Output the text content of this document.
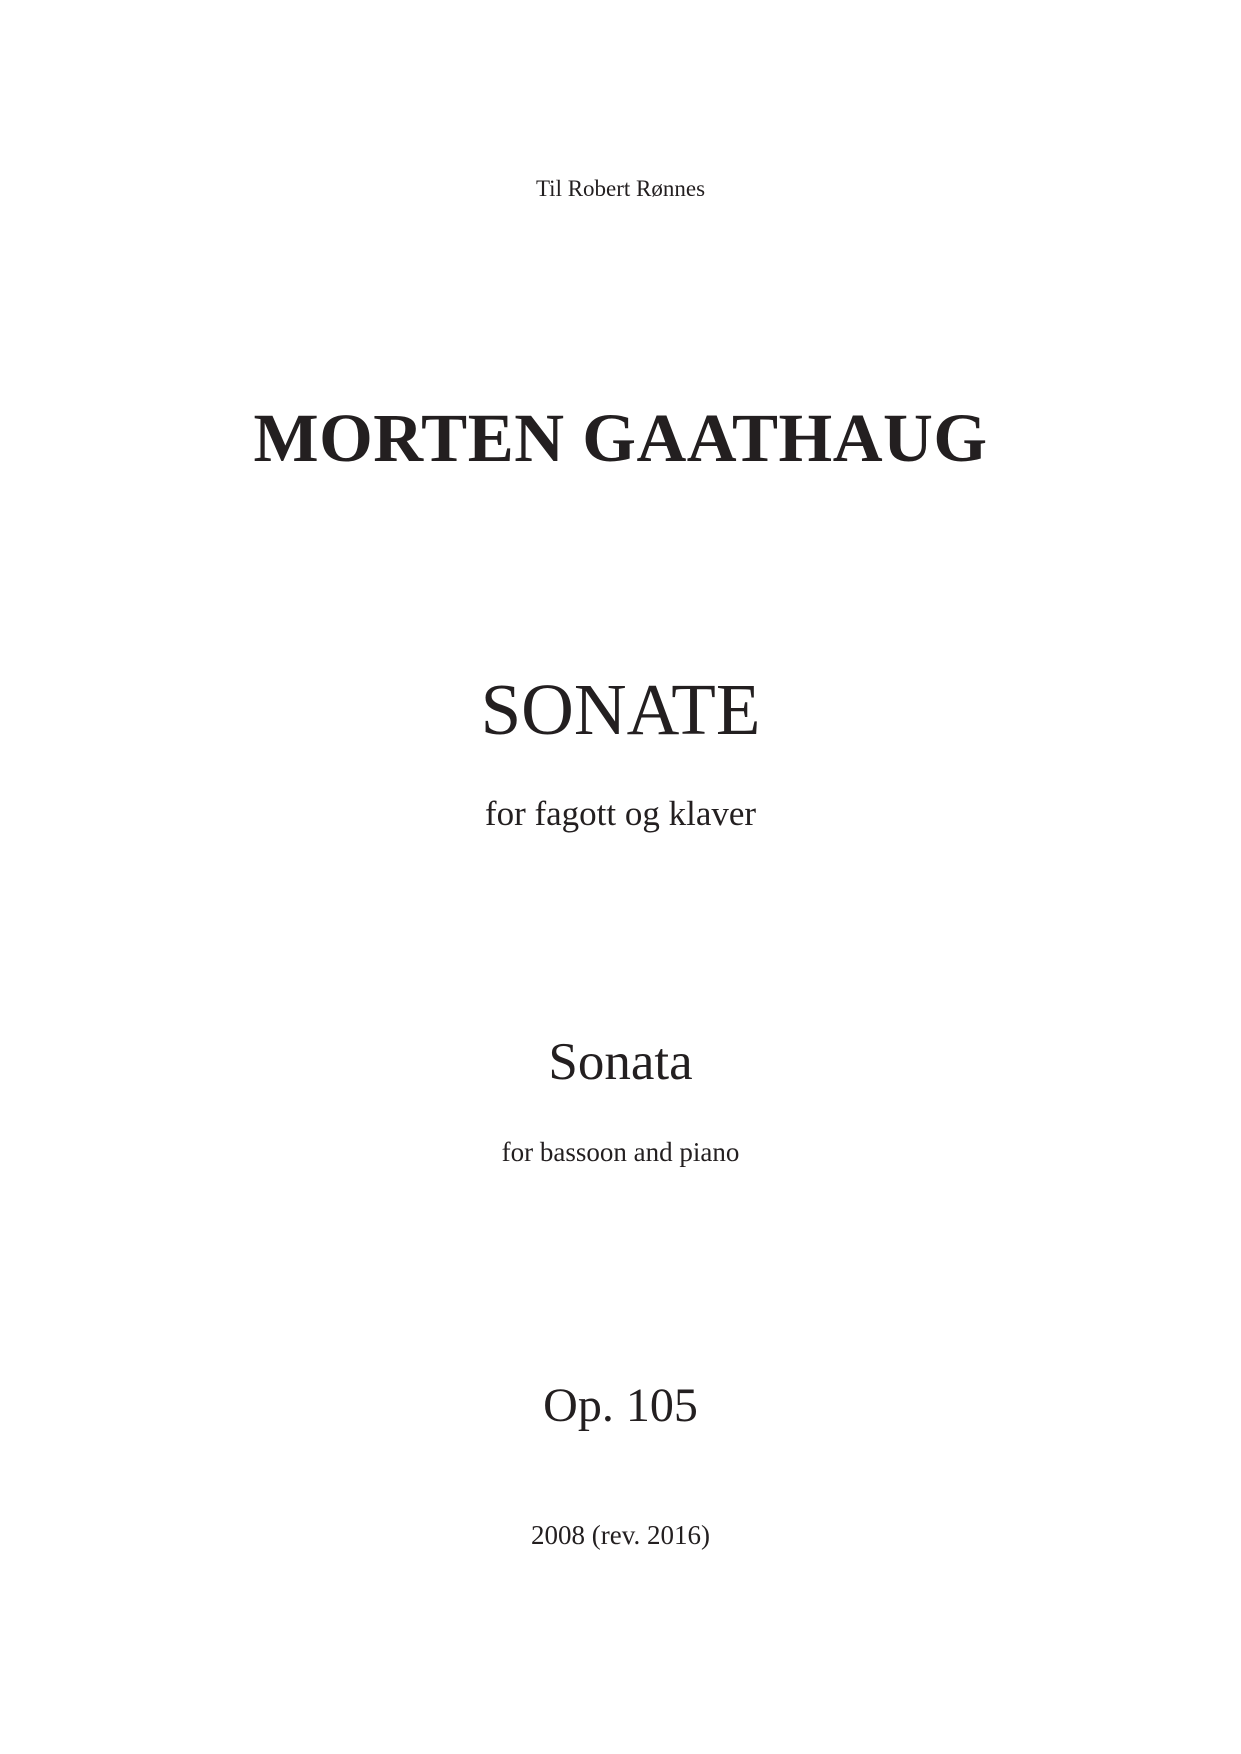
Til Robert Rønnes
MORTEN GAATHAUG
SONATE
for fagott og klaver
Sonata
for bassoon and piano
Op. 105
2008 (rev. 2016)
